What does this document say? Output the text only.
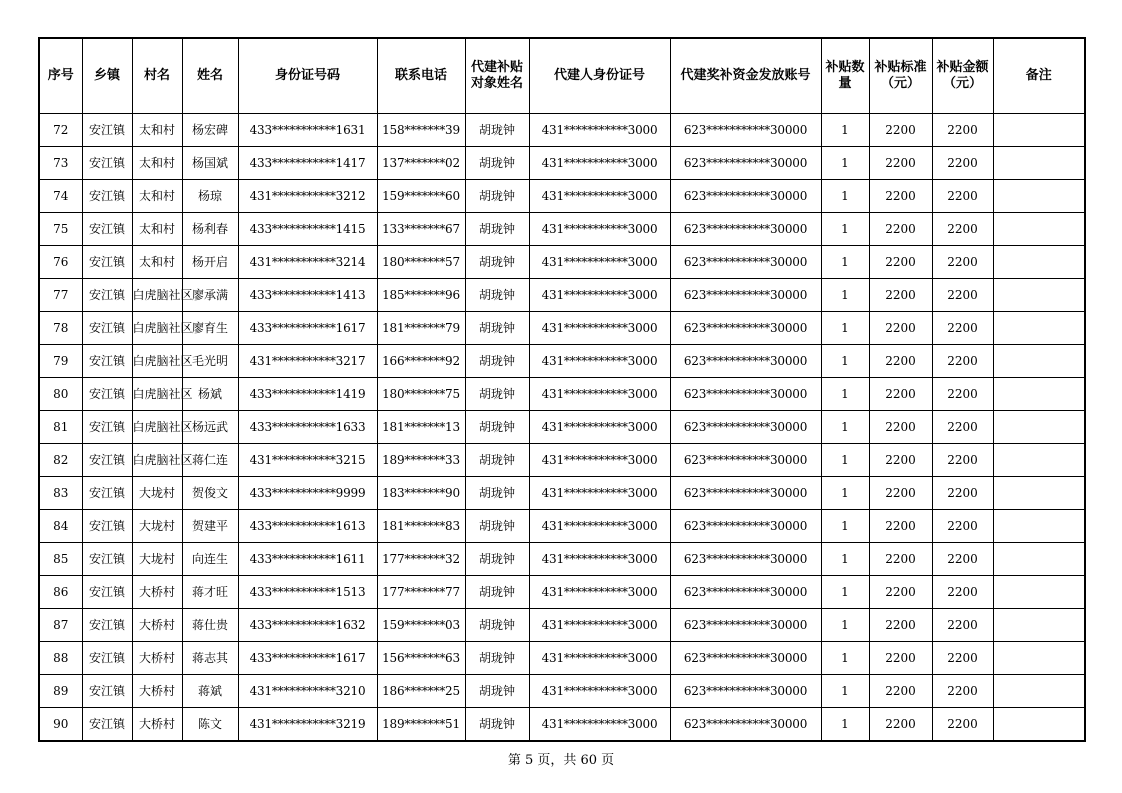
序号	乡镇	村名	姓名	身份证号码	联系电话	代建补贴对象姓名	代建人身份证号	代建奖补资金发放账号	补贴数量	补贴标准（元）	补贴金额（元）	备注
72	安江镇	太和村	杨宏碑	433***********1631	158*******39	胡珑钟	431***********3000	623***********30000	1	2200	2200	
73	安江镇	太和村	杨国斌	433***********1417	137*******02	胡珑钟	431***********3000	623***********30000	1	2200	2200	
74	安江镇	太和村	杨琼	431***********3212	159*******60	胡珑钟	431***********3000	623***********30000	1	2200	2200	
75	安江镇	太和村	杨利春	433***********1415	133*******67	胡珑钟	431***********3000	623***********30000	1	2200	2200	
76	安江镇	太和村	杨开启	431***********3214	180*******57	胡珑钟	431***********3000	623***********30000	1	2200	2200	
77	安江镇	白虎脑社区	廖承满	433***********1413	185*******96	胡珑钟	431***********3000	623***********30000	1	2200	2200	
78	安江镇	白虎脑社区	廖育生	433***********1617	181*******79	胡珑钟	431***********3000	623***********30000	1	2200	2200	
79	安江镇	白虎脑社区	毛光明	431***********3217	166*******92	胡珑钟	431***********3000	623***********30000	1	2200	2200	
80	安江镇	白虎脑社区	杨斌	433***********1419	180*******75	胡珑钟	431***********3000	623***********30000	1	2200	2200	
81	安江镇	白虎脑社区	杨远武	433***********1633	181*******13	胡珑钟	431***********3000	623***********30000	1	2200	2200	
82	安江镇	白虎脑社区	蒋仁连	431***********3215	189*******33	胡珑钟	431***********3000	623***********30000	1	2200	2200	
83	安江镇	大垅村	贺俊文	433***********9999	183*******90	胡珑钟	431***********3000	623***********30000	1	2200	2200	
84	安江镇	大垅村	贺建平	433***********1613	181*******83	胡珑钟	431***********3000	623***********30000	1	2200	2200	
85	安江镇	大垅村	向连生	433***********1611	177*******32	胡珑钟	431***********3000	623***********30000	1	2200	2200	
86	安江镇	大桥村	蒋才旺	433***********1513	177*******77	胡珑钟	431***********3000	623***********30000	1	2200	2200	
87	安江镇	大桥村	蒋仕贵	433***********1632	159*******03	胡珑钟	431***********3000	623***********30000	1	2200	2200	
88	安江镇	大桥村	蒋志其	433***********1617	156*******63	胡珑钟	431***********3000	623***********30000	1	2200	2200	
89	安江镇	大桥村	蒋斌	431***********3210	186*******25	胡珑钟	431***********3000	623***********30000	1	2200	2200	
90	安江镇	大桥村	陈文	431***********3219	189*******51	胡珑钟	431***********3000	623***********30000	1	2200	2200	
第 5 页，共 60 页
